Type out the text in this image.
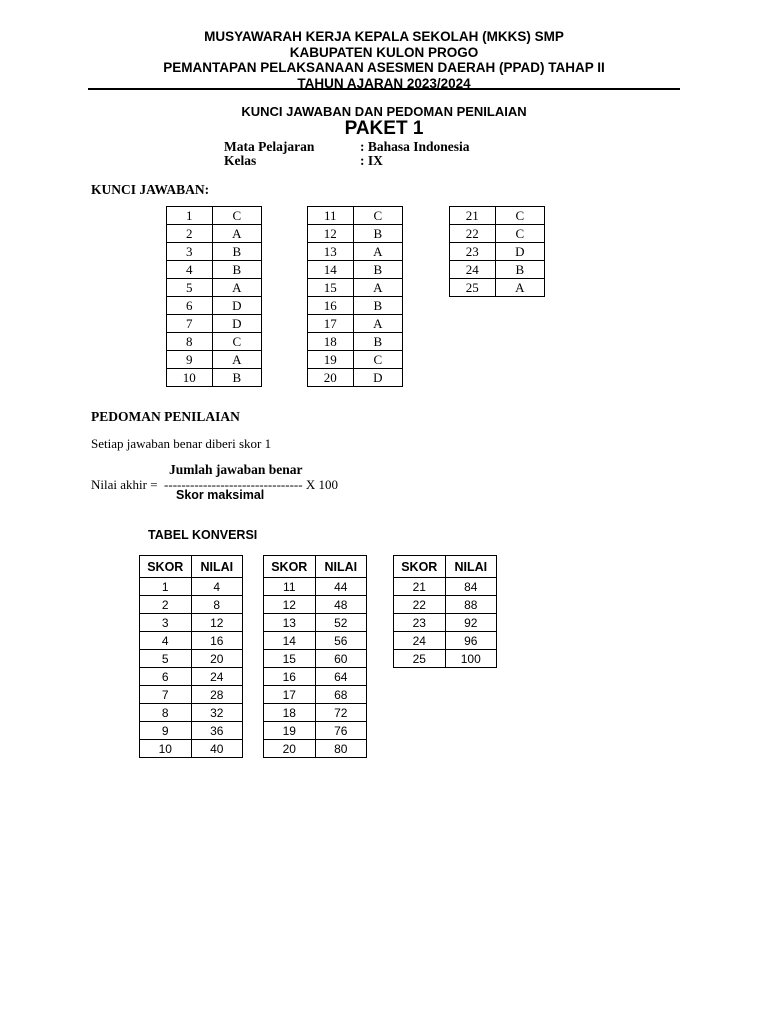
MUSYAWARAH KERJA KEPALA SEKOLAH (MKKS) SMP
KABUPATEN KULON PROGO
PEMANTAPAN PELAKSANAAN ASESMEN DAERAH (PPAD) TAHAP II
TAHUN AJARAN 2023/2024
KUNCI JAWABAN DAN PEDOMAN PENILAIAN
PAKET 1
Mata Pelajaran	: Bahasa Indonesia
Kelas	: IX
KUNCI JAWABAN:
1	C
2	A
3	B
4	B
5	A
6	D
7	D
8	C
9	A
10	B
11	C
12	B
13	A
14	B
15	A
16	B
17	A
18	B
19	C
20	D
21	C
22	C
23	D
24	B
25	A
PEDOMAN PENILAIAN
Setiap jawaban benar diberi skor 1
Jumlah jawaban benar
Nilai akhir =  -------------------------------- X 100
Skor maksimal
TABEL KONVERSI
SKOR	NILAI
1	4
2	8
3	12
4	16
5	20
6	24
7	28
8	32
9	36
10	40
SKOR	NILAI
11	44
12	48
13	52
14	56
15	60
16	64
17	68
18	72
19	76
20	80
SKOR	NILAI
21	84
22	88
23	92
24	96
25	100
